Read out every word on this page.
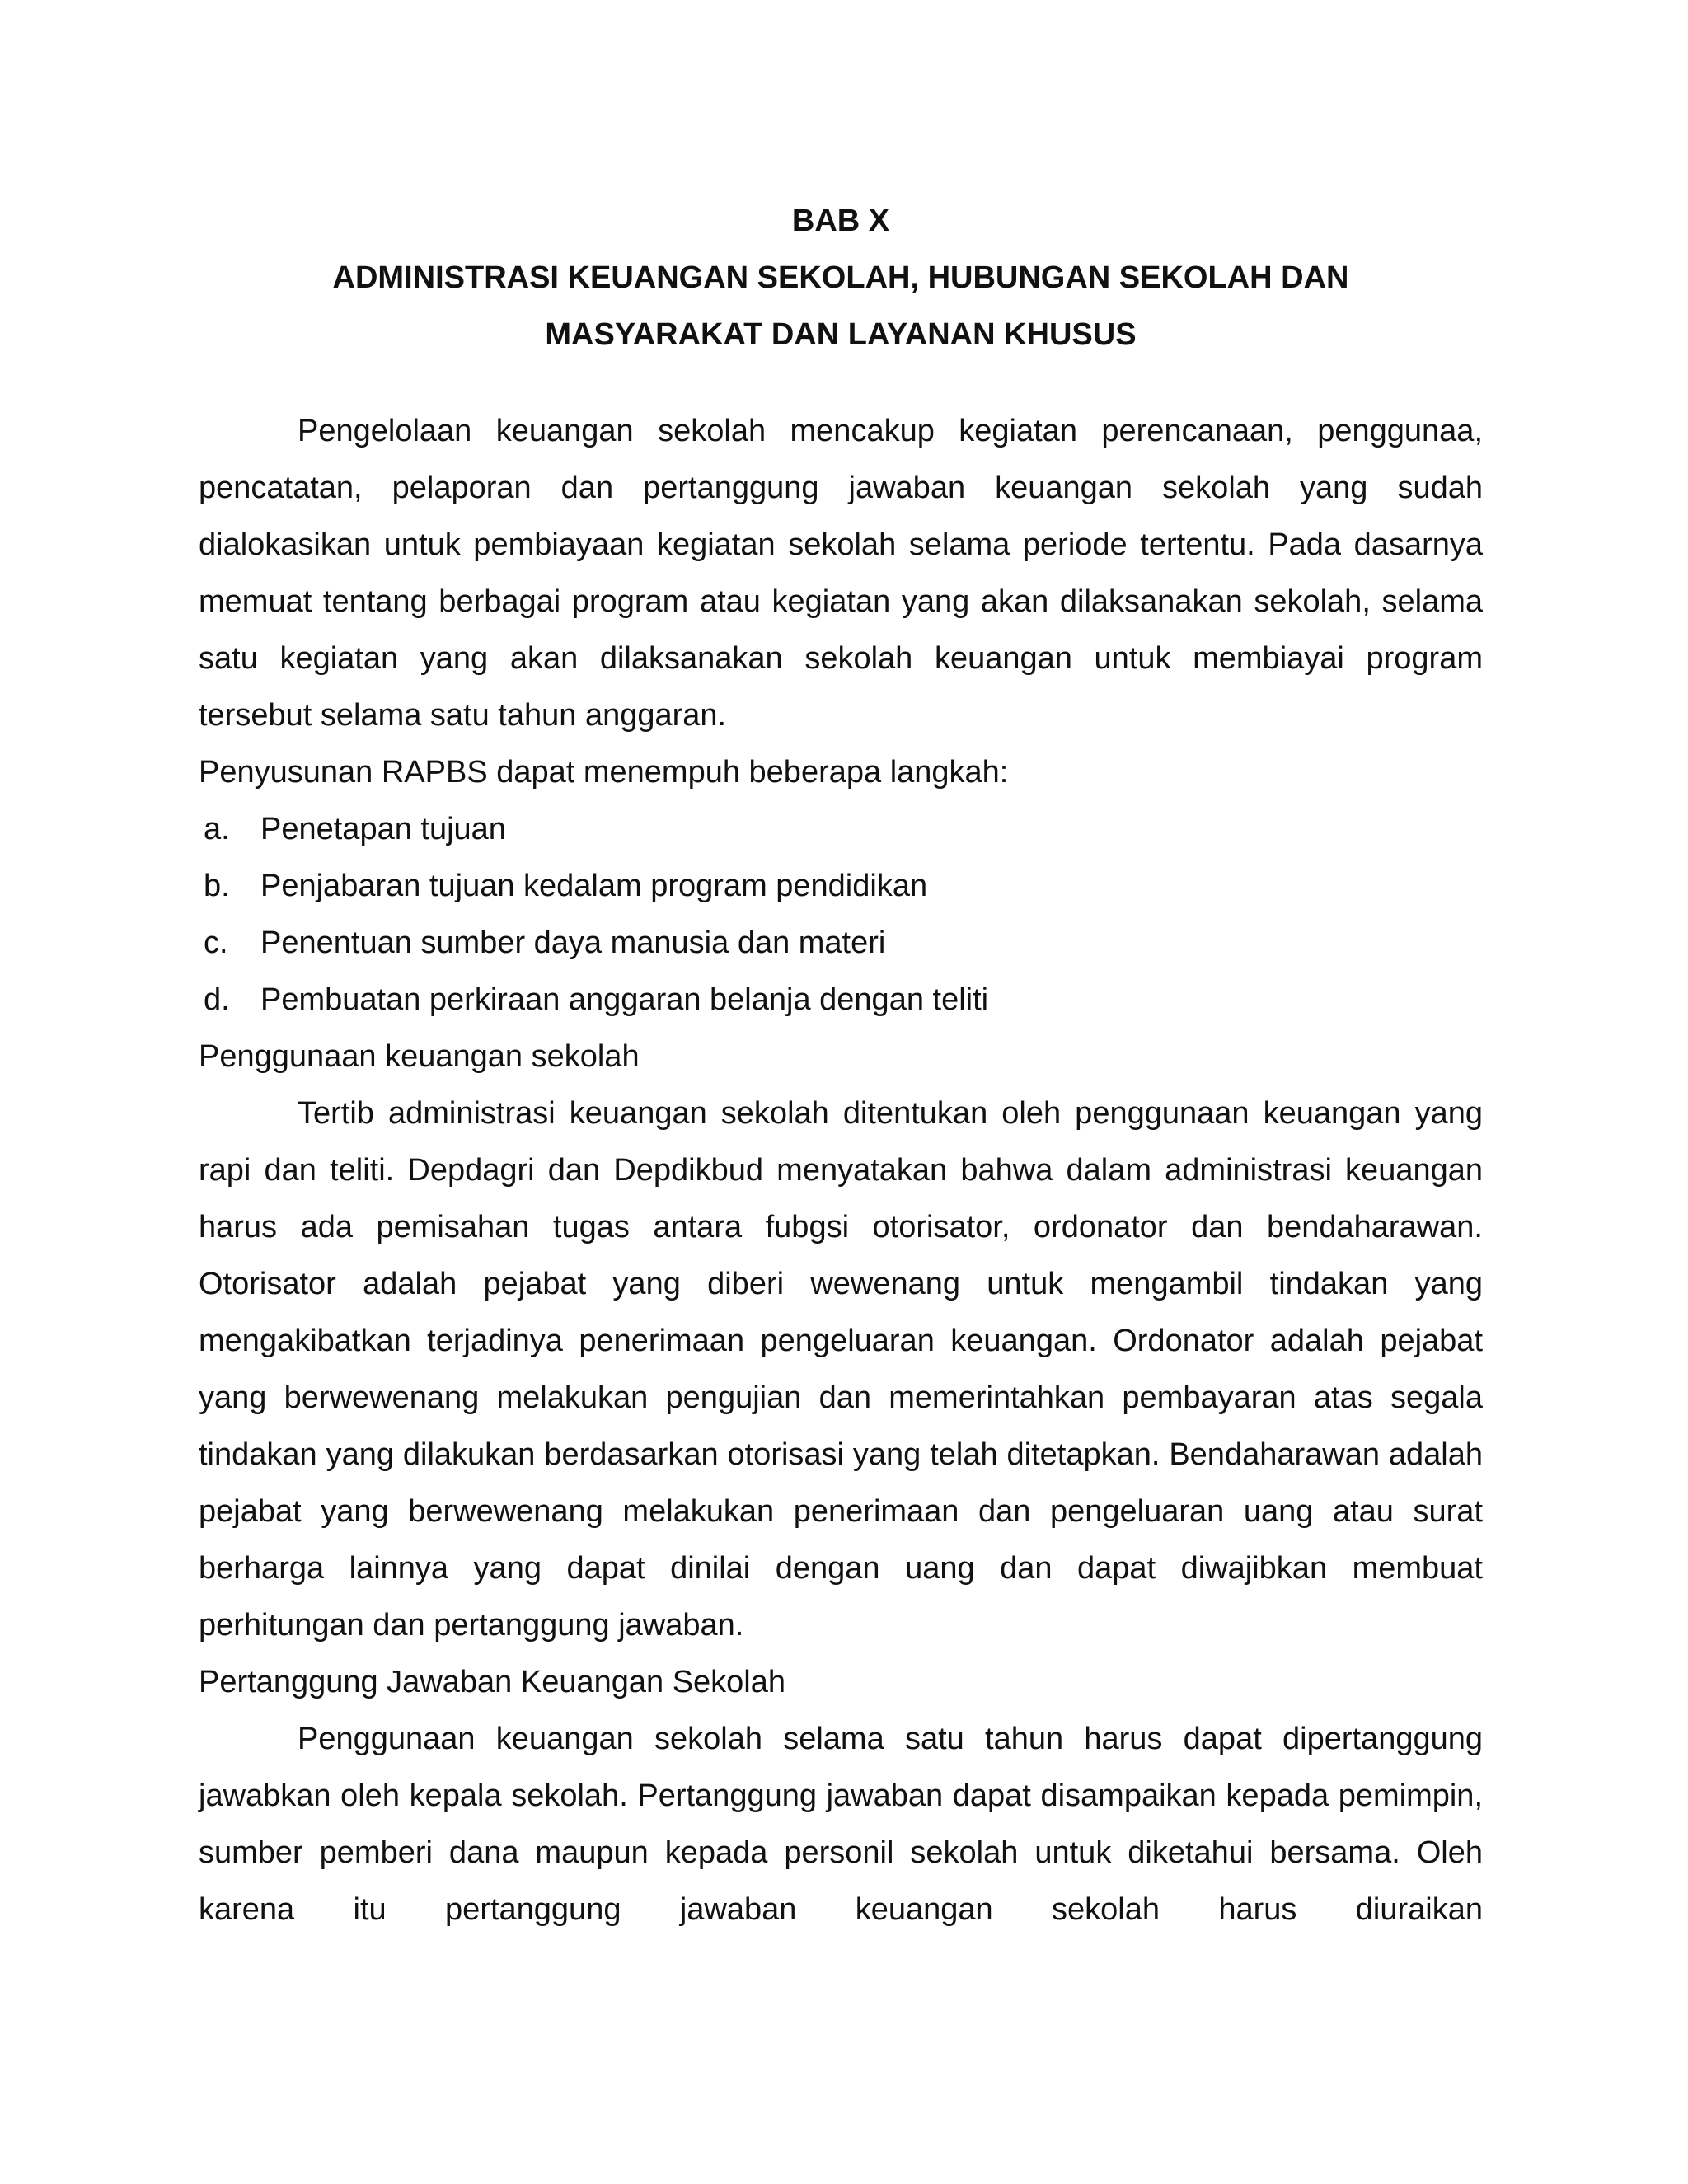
BAB X

ADMINISTRASI KEUANGAN SEKOLAH, HUBUNGAN SEKOLAH DAN

MASYARAKAT DAN LAYANAN KHUSUS

Pengelolaan keuangan sekolah mencakup kegiatan perencanaan, penggunaa, pencatatan, pelaporan dan pertanggung jawaban keuangan sekolah yang sudah dialokasikan untuk pembiayaan kegiatan sekolah selama periode tertentu. Pada dasarnya memuat tentang berbagai program atau kegiatan yang akan dilaksanakan sekolah, selama satu kegiatan yang akan dilaksanakan sekolah keuangan untuk membiayai program tersebut selama satu tahun anggaran.

Penyusunan RAPBS dapat menempuh beberapa langkah:

a. Penetapan tujuan
b. Penjabaran tujuan kedalam program pendidikan
c.	Penentuan sumber daya manusia dan materi
d. Pembuatan perkiraan anggaran belanja dengan teliti

Penggunaan keuangan sekolah

Tertib administrasi keuangan sekolah ditentukan oleh penggunaan keuangan yang rapi dan teliti. Depdagri dan Depdikbud menyatakan bahwa dalam administrasi keuangan harus ada pemisahan tugas antara fubgsi otorisator, ordonator dan bendaharawan. Otorisator adalah pejabat yang diberi wewenang untuk mengambil tindakan yang mengakibatkan terjadinya penerimaan pengeluaran keuangan. Ordonator adalah pejabat yang berwewenang melakukan pengujian dan memerintahkan pembayaran atas segala tindakan yang dilakukan berdasarkan otorisasi yang telah ditetapkan. Bendaharawan adalah pejabat yang berwewenang melakukan penerimaan dan pengeluaran uang atau surat berharga lainnya yang dapat dinilai dengan uang dan dapat diwajibkan membuat perhitungan dan pertanggung jawaban.

Pertanggung Jawaban Keuangan Sekolah

Penggunaan keuangan sekolah selama satu tahun harus dapat dipertanggung jawabkan oleh kepala sekolah. Pertanggung jawaban dapat disampaikan kepada pemimpin, sumber pemberi dana maupun kepada personil sekolah untuk diketahui bersama. Oleh karena itu pertanggung jawaban keuangan sekolah harus diuraikan
